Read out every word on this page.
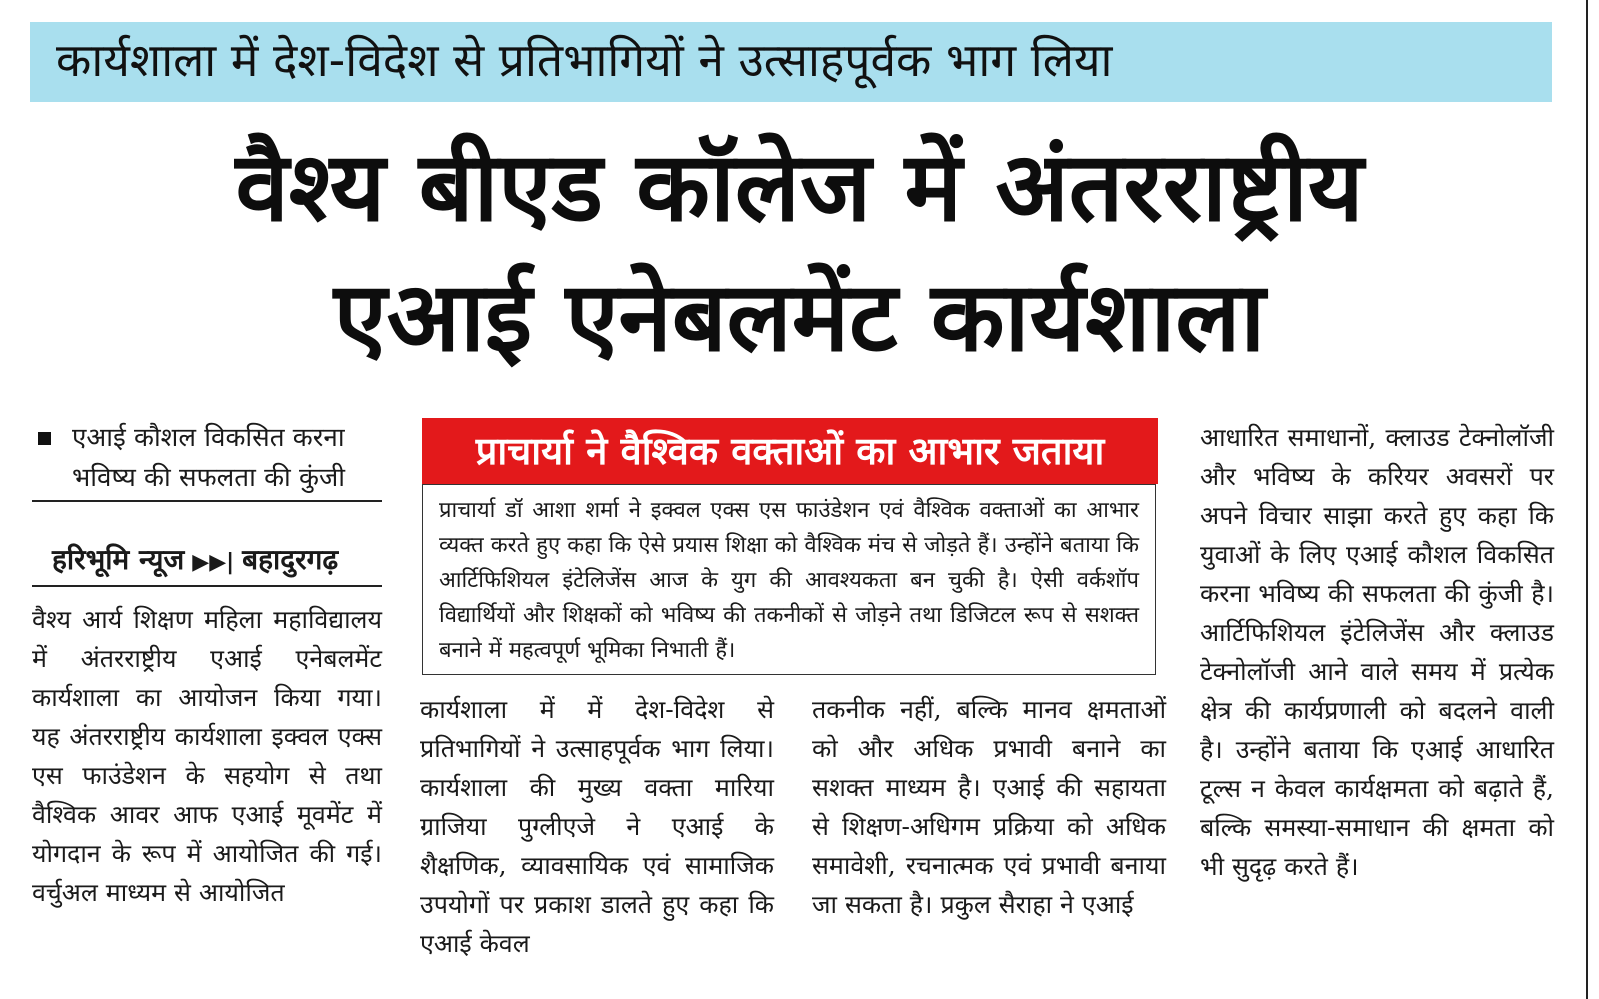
कार्यशाला में देश-विदेश से प्रतिभागियों ने उत्साहपूर्वक भाग लिया
वैश्य बीएड कॉलेज में अंतरराष्ट्रीय
एआई एनेबलमेंट कार्यशाला
एआई कौशल विकसित करना भविष्य की सफलता की कुंजी
हरिभूमि न्यूज ▶▶| बहादुरगढ़
वैश्य आर्य शिक्षण महिला महाविद्यालय में अंतरराष्ट्रीय एआई एनेबलमेंट कार्यशाला का आयोजन किया गया। यह अंतरराष्ट्रीय कार्यशाला इक्वल एक्स एस फाउंडेशन के सहयोग से तथा वैश्विक आवर आफ एआई मूवमेंट में योगदान के रूप में आयोजित की गई। वर्चुअल माध्यम से आयोजित
प्राचार्या ने वैश्विक वक्ताओं का आभार जताया

प्राचार्या डॉ आशा शर्मा ने इक्वल एक्स एस फाउंडेशन एवं वैश्विक वक्ताओं का आभार व्यक्त करते हुए कहा कि ऐसे प्रयास शिक्षा को वैश्विक मंच से जोड़ते हैं। उन्होंने बताया कि आर्टिफिशियल इंटेलिजेंस आज के युग की आवश्यकता बन चुकी है। ऐसी वर्कशॉप विद्यार्थियों और शिक्षकों को भविष्य की तकनीकों से जोड़ने तथा डिजिटल रूप से सशक्त बनाने में महत्वपूर्ण भूमिका निभाती हैं।

कार्यशाला में में देश-विदेश से प्रतिभागियों ने उत्साहपूर्वक भाग लिया। कार्यशाला की मुख्य वक्ता मारिया ग्राजिया पुग्लीएजे ने एआई के शैक्षणिक, व्यावसायिक एवं सामाजिक उपयोगों पर प्रकाश डालते हुए कहा कि एआई केवल
तकनीक नहीं, बल्कि मानव क्षमताओं को और अधिक प्रभावी बनाने का सशक्त माध्यम है। एआई की सहायता से शिक्षण-अधिगम प्रक्रिया को अधिक समावेशी, रचनात्मक एवं प्रभावी बनाया जा सकता है। प्रकुल सैराहा ने एआई
आधारित समाधानों, क्लाउड टेक्नोलॉजी और भविष्य के करियर अवसरों पर अपने विचार साझा करते हुए कहा कि युवाओं के लिए एआई कौशल विकसित करना भविष्य की सफलता की कुंजी है। आर्टिफिशियल इंटेलिजेंस और क्लाउड टेक्नोलॉजी आने वाले समय में प्रत्येक क्षेत्र की कार्यप्रणाली को बदलने वाली है। उन्होंने बताया कि एआई आधारित टूल्स न केवल कार्यक्षमता को बढ़ाते हैं, बल्कि समस्या-समाधान की क्षमता को भी सुदृढ़ करते हैं।
